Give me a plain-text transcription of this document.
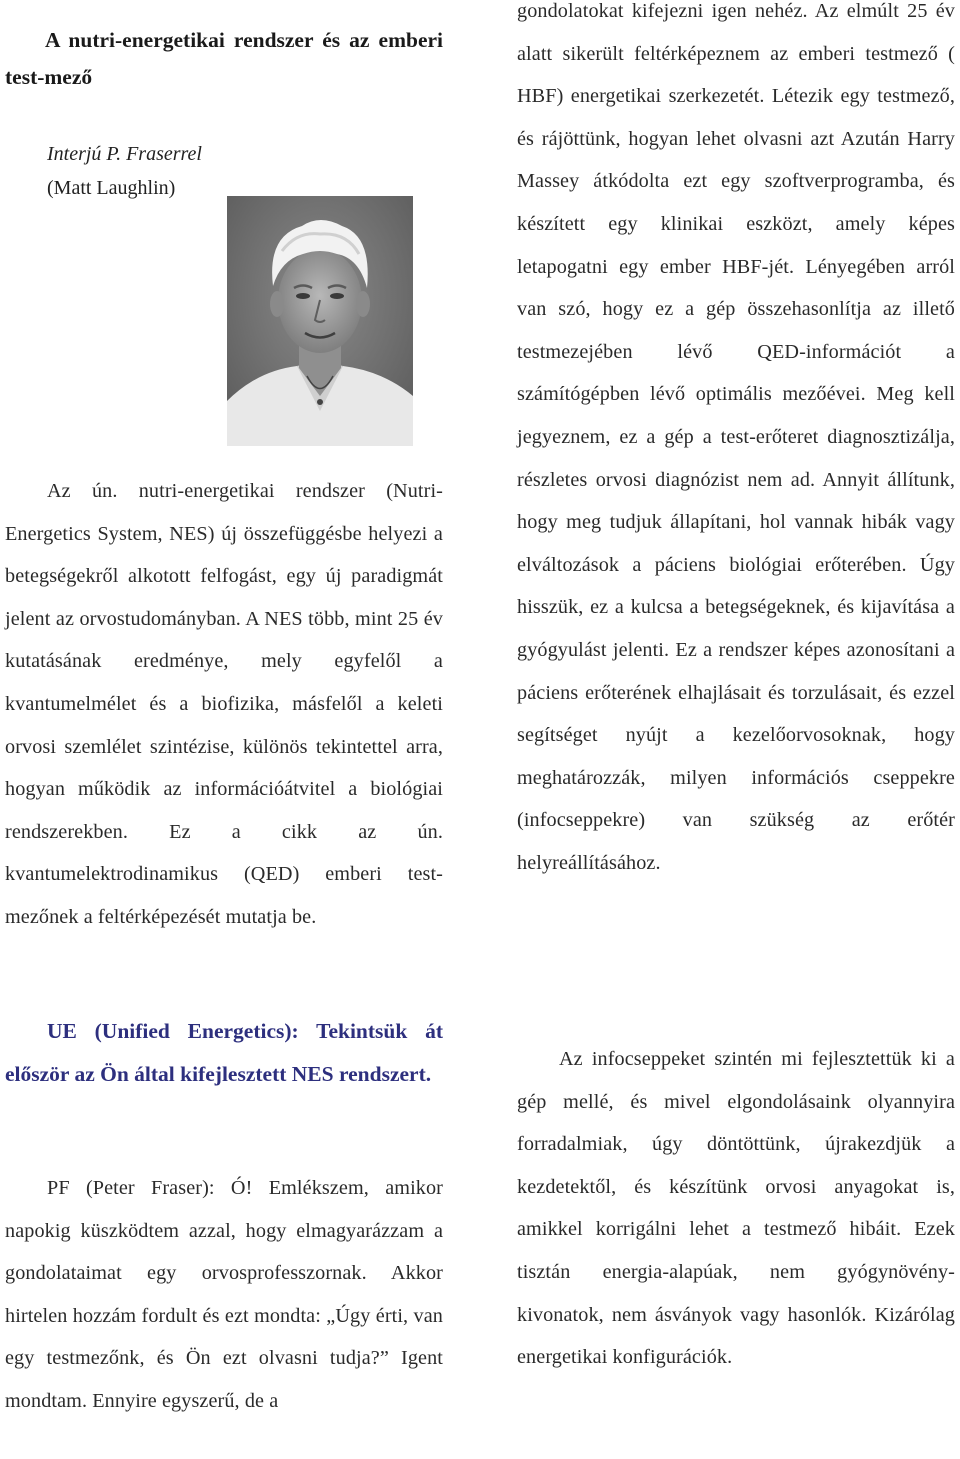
A nutri-energetikai rendszer és az emberi test-mező
Interjú P. Fraserrel
(Matt Laughlin)

Az ún. nutri-energetikai rendszer (Nutri-Energetics System, NES) új összefüggésbe helyezi a betegségekről alkotott felfogást, egy új paradigmát jelent az orvostudományban. A NES több, mint 25 év kutatásának eredménye, mely egyfelől a kvantumelmélet és a biofizika, másfelől a keleti orvosi szemlélet szintézise, különös tekintettel arra, hogyan működik az információátvitel a biológiai rendszerekben. Ez a cikk az ún. kvantumelektrodinamikus (QED) emberi test-mezőnek a feltérképezését mutatja be.

UE (Unified Energetics): Tekintsük át először az Ön által kifejlesztett NES rendszert.

PF (Peter Fraser): Ó! Emlékszem, amikor napokig küszködtem azzal, hogy elmagyarázzam a gondolataimat egy orvosprofesszornak. Akkor hirtelen hozzám fordult és ezt mondta: „Úgy érti, van egy testmezőnk, és Ön ezt olvasni tudja?” Igent mondtam. Ennyire egyszerű, de a

gondolatokat kifejezni igen nehéz. Az elmúlt 25 év alatt sikerült feltérképeznem az emberi testmező ( HBF) energetikai szerkezetét. Létezik egy testmező, és rájöttünk, hogyan lehet olvasni azt Azután Harry Massey átkódolta ezt egy szoftverprogramba, és készített egy klinikai eszközt, amely képes letapogatni egy ember HBF-jét. Lényegében arról van szó, hogy ez a gép összehasonlítja az illető testmezejében lévő QED-információt a számítógépben lévő optimális mezőévei. Meg kell jegyeznem, ez a gép a test-erőteret diagnosztizálja, részletes orvosi diagnózist nem ad. Annyit állítunk, hogy meg tudjuk állapítani, hol vannak hibák vagy elváltozások a páciens biológiai erőterében. Úgy hisszük, ez a kulcsa a betegségeknek, és kijavítása a gyógyulást jelenti. Ez a rendszer képes azonosítani a páciens erőterének elhajlásait és torzulásait, és ezzel segítséget nyújt a kezelőorvosoknak, hogy meghatározzák, milyen információs cseppekre (infocseppekre) van szükség az erőtér helyreállításához.

Az infocseppeket szintén mi fejlesztettük ki a gép mellé, és mivel elgondolásaink olyannyira forradalmiak, úgy döntöttünk, újrakezdjük a kezdetektől, és készítünk orvosi anyagokat is, amikkel korrigálni lehet a testmező hibáit. Ezek tisztán energia-alapúak, nem gyógynövény-kivonatok, nem ásványok vagy hasonlók. Kizárólag energetikai konfigurációk.
